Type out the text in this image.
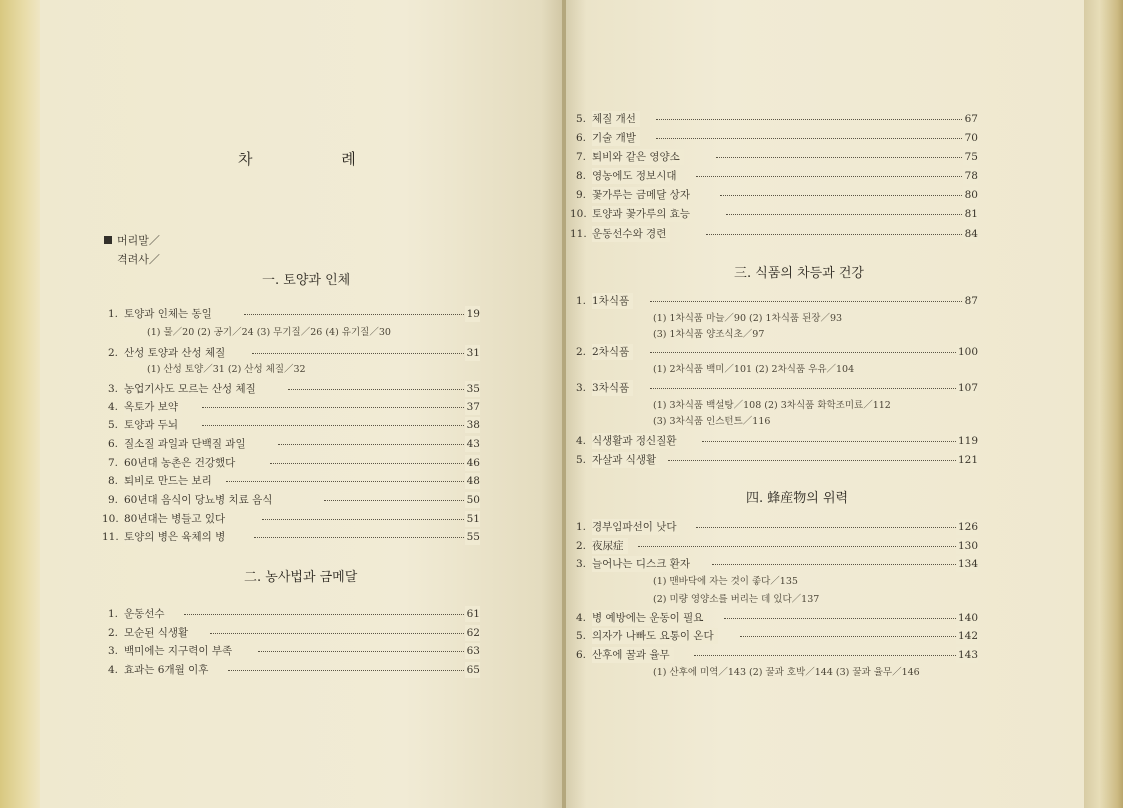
차 례
머리말／
격려사／
一. 토양과 인체
1. 토양과 인체는 동일	19
(1) 물／20 (2) 공기／24 (3) 무기질／26 (4) 유기질／30
2. 산성 토양과 산성 체질	31
(1) 산성 토양／31 (2) 산성 체질／32
3. 농업기사도 모르는 산성 체질	35
4. 옥토가 보약	37
5. 토양과 두뇌	38
6. 질소질 과일과 단백질 과일	43
7. 60년대 농촌은 건강했다	46
8. 퇴비로 만드는 보리	48
9. 60년대 음식이 당뇨병 치료 음식	50
10. 80년대는 병들고 있다	51
11. 토양의 병은 육체의 병	55
二. 농사법과 금메달
1. 운동선수	61
2. 모순된 식생활	62
3. 백미에는 지구력이 부족	63
4. 효과는 6개월 이후	65
5. 체질 개선	67
6. 기술 개발	70
7. 퇴비와 같은 영양소	75
8. 영농에도 정보시대	78
9. 꽃가루는 금메달 상자	80
10. 토양과 꽃가루의 효능	81
11. 운동선수와 경련	84
三. 식품의 차등과 건강
1. 1차식품	87
(1) 1차식품 마늘／90 (2) 1차식품 된장／93
(3) 1차식품 양조식초／97
2. 2차식품	100
(1) 2차식품 백미／101 (2) 2차식품 우유／104
3. 3차식품	107
(1) 3차식품 백설탕／108 (2) 3차식품 화학조미료／112
(3) 3차식품 인스턴트／116
4. 식생활과 정신질환	119
5. 자살과 식생활	121
四. 蜂産物의 위력
1. 경부임파선이 낫다	126
2. 夜尿症	130
3. 늘어나는 디스크 환자	134
(1) 맨바닥에 자는 것이 좋다／135
(2) 미량 영양소를 버리는 데 있다／137
4. 병 예방에는 운동이 필요	140
5. 의자가 나빠도 요통이 온다	142
6. 산후에 꿀과 율무	143
(1) 산후에 미역／143 (2) 꿀과 호박／144 (3) 꿀과 율무／146
